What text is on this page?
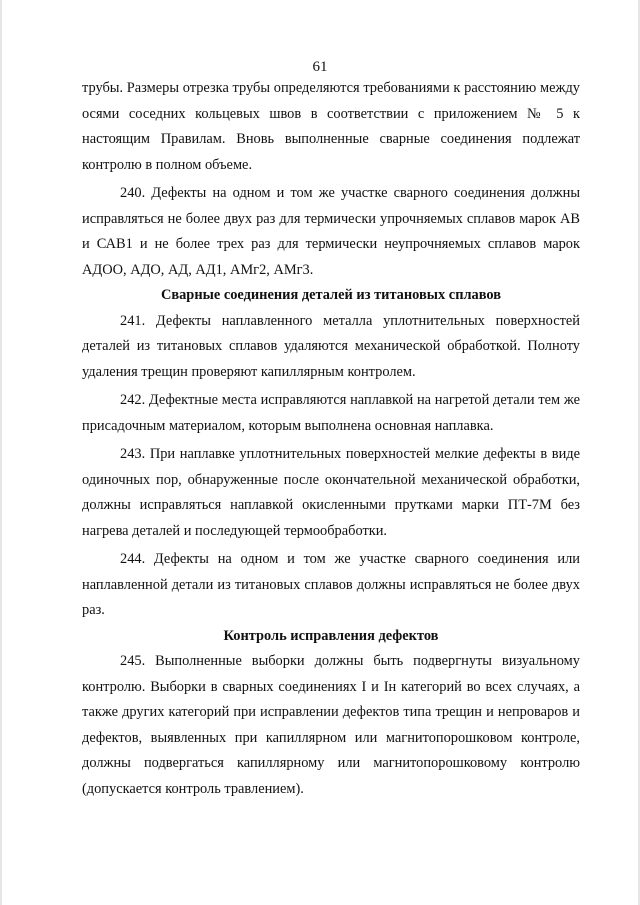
61

трубы. Размеры отрезка трубы определяются требованиями к расстоянию между осями соседних кольцевых швов в соответствии с приложением № 5 к настоящим Правилам. Вновь выполненные сварные соединения подлежат контролю в полном объеме.

240. Дефекты на одном и том же участке сварного соединения должны исправляться не более двух раз для термически упрочняемых сплавов марок АВ и САВ1 и не более трех раз для термически неупрочняемых сплавов марок АДОО, АДО, АД, АД1, АМг2, АМг3.

Сварные соединения деталей из титановых сплавов

241. Дефекты наплавленного металла уплотнительных поверхностей деталей из титановых сплавов удаляются механической обработкой. Полноту удаления трещин проверяют капиллярным контролем.

242. Дефектные места исправляются наплавкой на нагретой детали тем же присадочным материалом, которым выполнена основная наплавка.

243. При наплавке уплотнительных поверхностей мелкие дефекты в виде одиночных пор, обнаруженные после окончательной механической обработки, должны исправляться наплавкой окисленными прутками марки ПТ-7М без нагрева деталей и последующей термообработки.

244. Дефекты на одном и том же участке сварного соединения или наплавленной детали из титановых сплавов должны исправляться не более двух раз.

Контроль исправления дефектов

245. Выполненные выборки должны быть подвергнуты визуальному контролю. Выборки в сварных соединениях I и Iн категорий во всех случаях, а также других категорий при исправлении дефектов типа трещин и непроваров и дефектов, выявленных при капиллярном или магнитопорошковом контроле, должны подвергаться капиллярному или магнитопорошковому контролю (допускается контроль травлением).
